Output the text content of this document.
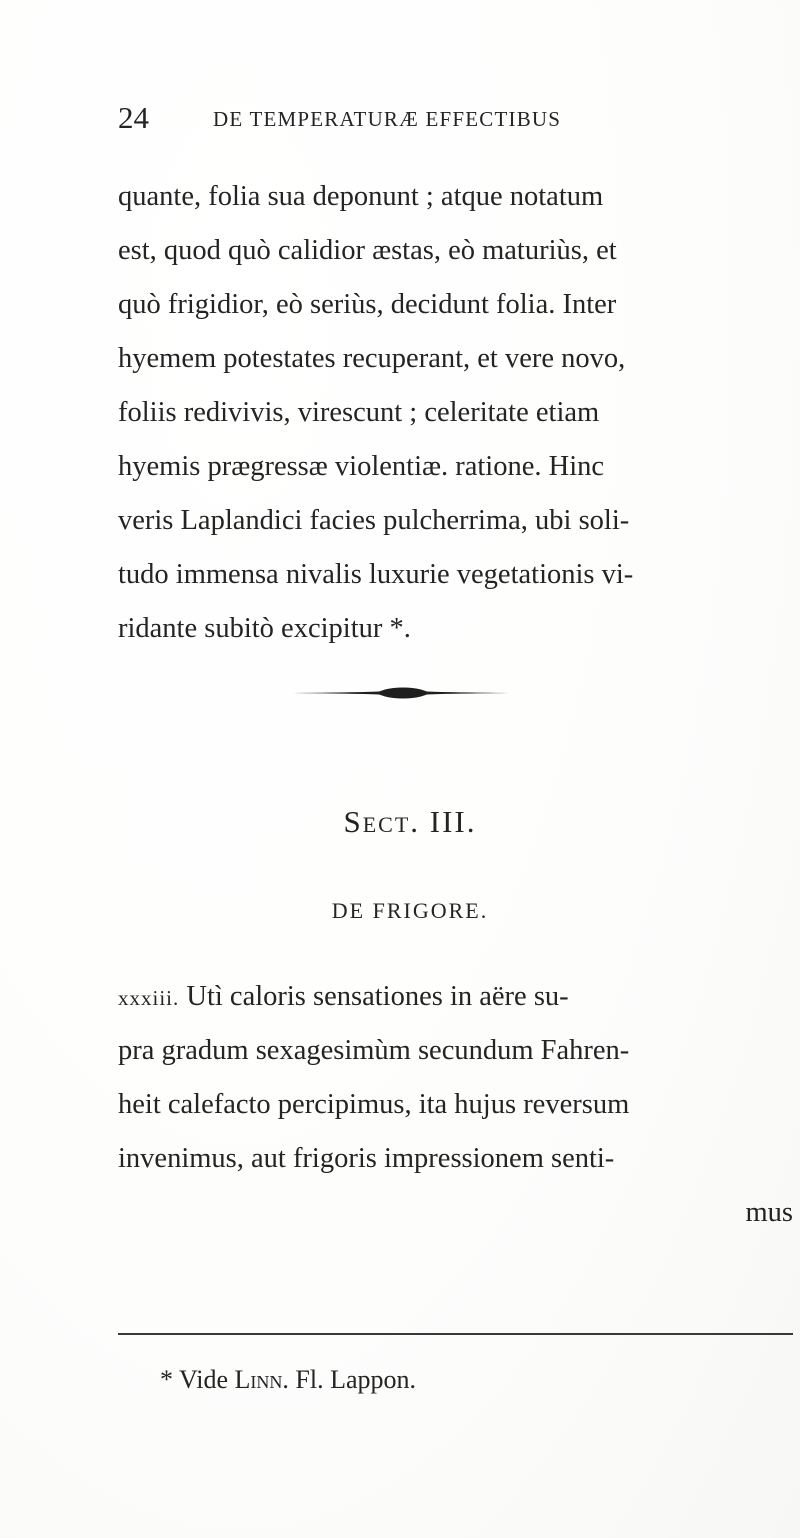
24	DE TEMPERATURÆ EFFECTIBUS
quante, folia sua deponunt ; atque notatum
est, quod quò calidior æstas, eò maturiùs, et
quò frigidior, eò seriùs, decidunt folia. Inter
hyemem potestates recuperant, et vere novo,
foliis redivivis, virescunt ; celeritate etiam
hyemis prægressæ violentiæ. ratione. Hinc
veris Laplandici facies pulcherrima, ubi soli-
tudo immensa nivalis luxurie vegetationis vi-
ridante subitò excipitur *.
Sect. III.
DE FRIGORE.
xxxiii. Utì caloris sensationes in aëre su-
pra gradum sexagesimùm secundum Fahren-
heit calefacto percipimus, ita hujus reversum
invenimus, aut frigoris impressionem senti-
mus
* Vide Linn. Fl. Lappon.
